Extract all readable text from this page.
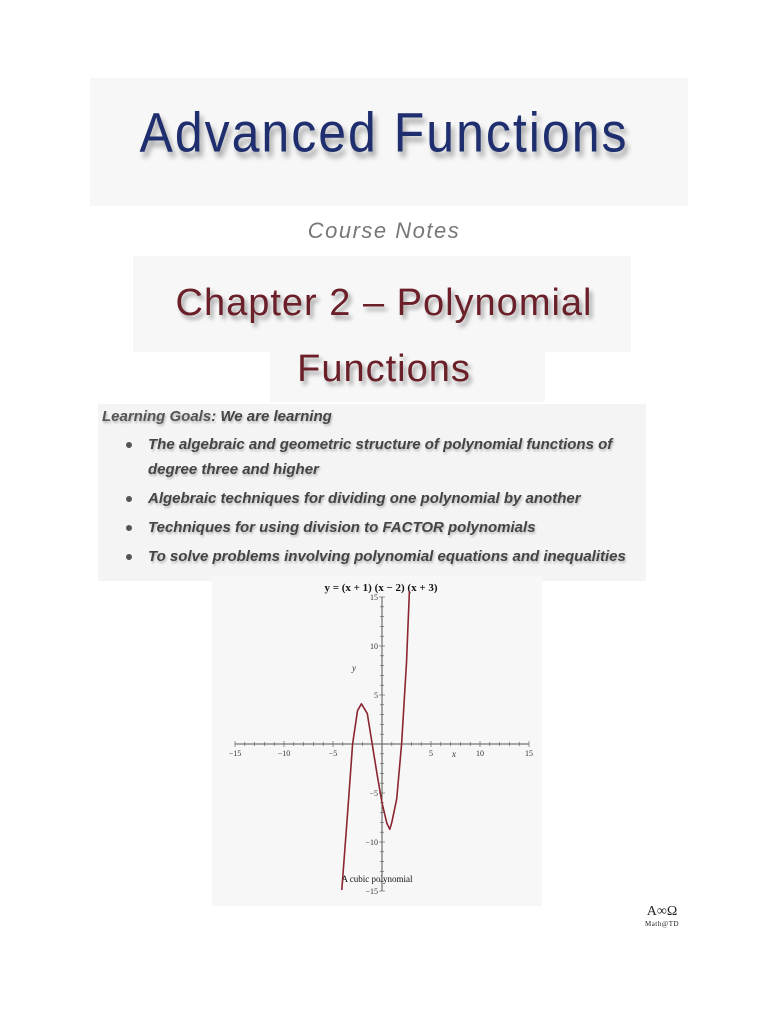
Advanced Functions
Course Notes
Chapter 2 – Polynomial
Functions
Learning Goals: We are learning
The algebraic and geometric structure of polynomial functions of degree three and higher
Algebraic techniques for dividing one polynomial by another
Techniques for using division to FACTOR polynomials
To solve problems involving polynomial equations and inequalities
y = (x + 1) (x − 2) (x + 3)
A cubic polynomial
x
y
−15	−10	−5	5	10	15
−15
−10
−5
5
10
15
A∞Ω
Math@TD
